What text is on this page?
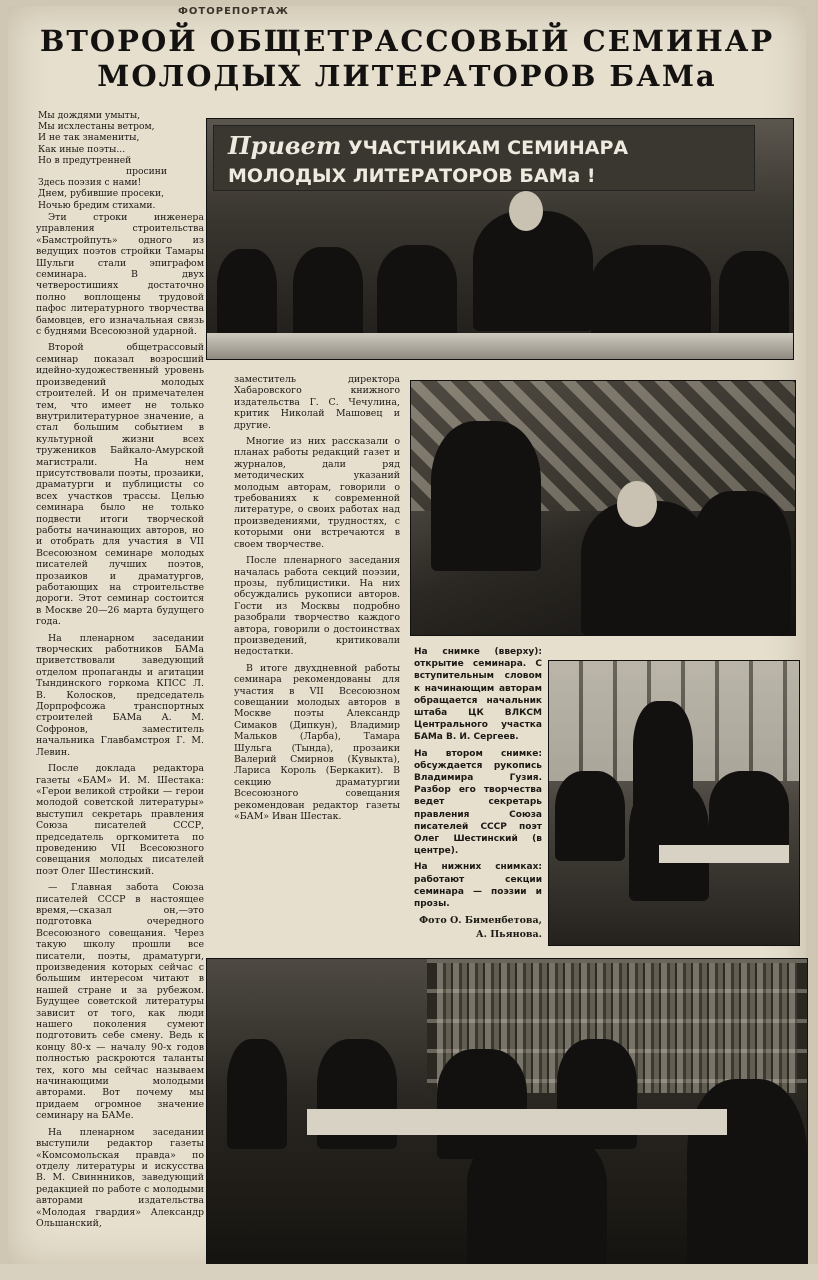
ФОТОРЕПОРТАЖ
ВТОРОЙ ОБЩЕТРАССОВЫЙ СЕМИНАР
МОЛОДЫХ ЛИТЕРАТОРОВ БАМа
Мы дождями умыты,
Мы исхлестаны ветром,
И не так знамениты,
Как иные поэты...
Но в предутренней
просини
Здесь поэзия с нами!
Днем, рубившие просеки,
Ночью бредим стихами.

Эти строки инженера управления строительства «Бамстройпуть» одного из ведущих поэтов стройки Тамары Шульги стали эпиграфом семинара. В двух четверостишиях достаточно полно воплощены трудовой пафос литературного творчества бамовцев, его изначальная связь с буднями Всесоюзной ударной.

Второй общетрассовый семинар показал возросший идейно-художественный уровень произведений молодых строителей. И он примечателен тем, что имеет не только внутрилитературное значение, а стал большим событием в культурной жизни всех тружеников Байкало-Амурской магистрали. На нем присутствовали поэты, прозаики, драматурги и публицисты со всех участков трассы. Целью семинара было не только подвести итоги творческой работы начинающих авторов, но и отобрать для участия в VII Всесоюзном семинаре молодых писателей лучших поэтов, прозаиков и драматургов, работающих на строительстве дороги. Этот семинар состоится в Москве 20—26 марта будущего года.

На пленарном заседании творческих работников БАМа приветствовали заведующий отделом пропаганды и агитации Тындинского горкома КПСС Л. В. Колосков, председатель Дорпрофсожа транспортных строителей БАМа А. М. Софронов, заместитель начальника Главбамстроя Г. М. Левин.

После доклада редактора газеты «БАМ» И. М. Шестака: «Герои великой стройки — герои молодой советской литературы» выступил секретарь правления Союза писателей СССР, председатель оргкомитета по проведению VII Всесоюзного совещания молодых писателей поэт Олег Шестинский.

— Главная забота Союза писателей СССР в настоящее время,—сказал он,—это подготовка очередного Всесоюзного совещания. Через такую школу прошли все писатели, поэты, драматурги, произведения которых сейчас с большим интересом читают в нашей стране и за рубежом. Будущее советской литературы зависит от того, как люди нашего поколения сумеют подготовить себе смену. Ведь к концу 80-х — началу 90-х годов полностью раскроются таланты тех, кого мы сейчас называем начинающими молодыми авторами. Вот почему мы придаем огромное значение семинару на БАМе.

На пленарном заседании выступили редактор газеты «Комсомольская правда» по отделу литературы и искусства В. М. Свиннников, заведующий редакцией по работе с молодыми авторами издательства «Молодая гвардия» Александр Ольшанский,

заместитель директора Хабаровского книжного издательства Г. С. Чечулина, критик Николай Машовец и другие.

Многие из них рассказали о планах работы редакций газет и журналов, дали ряд методических указаний молодым авторам, говорили о требованиях к современной литературе, о своих работах над произведениями, трудностях, с которыми они встречаются в своем творчестве.

После пленарного заседания началась работа секций поэзии, прозы, публицистики. На них обсуждались рукописи авторов. Гости из Москвы подробно разобрали творчество каждого автора, говорили о достоинствах произведений, критиковали недостатки.

В итоге двухдневной работы семинара рекомендованы для участия в VII Всесоюзном совещании молодых авторов в Москве поэты Александр Симаков (Дипкун), Владимир Мальков (Ларба), Тамара Шульга (Тында), прозаики Валерий Смирнов (Кувыкта), Лариса Король (Беркакит). В секцию драматургии Всесоюзного совещания рекомендован редактор газеты «БАМ» Иван Шестак.

На снимке (вверху): открытие семинара. С вступительным словом к начинающим авторам обращается начальник штаба ЦК ВЛКСМ Центрального участка БАМа В. И. Сергеев.

На втором снимке: обсуждается рукопись Владимира Гузия. Разбор его творчества ведет секретарь правления Союза писателей СССР поэт Олег Шестинский (в центре).

На нижних снимках: работают секции семинара — поэзии и прозы.

Фото О. Бименбетова,
А. Пьянова.
Привет УЧАСТНИКАМ СЕМИНАРА
МОЛОДЫХ ЛИТЕРАТОРОВ БАМа !
